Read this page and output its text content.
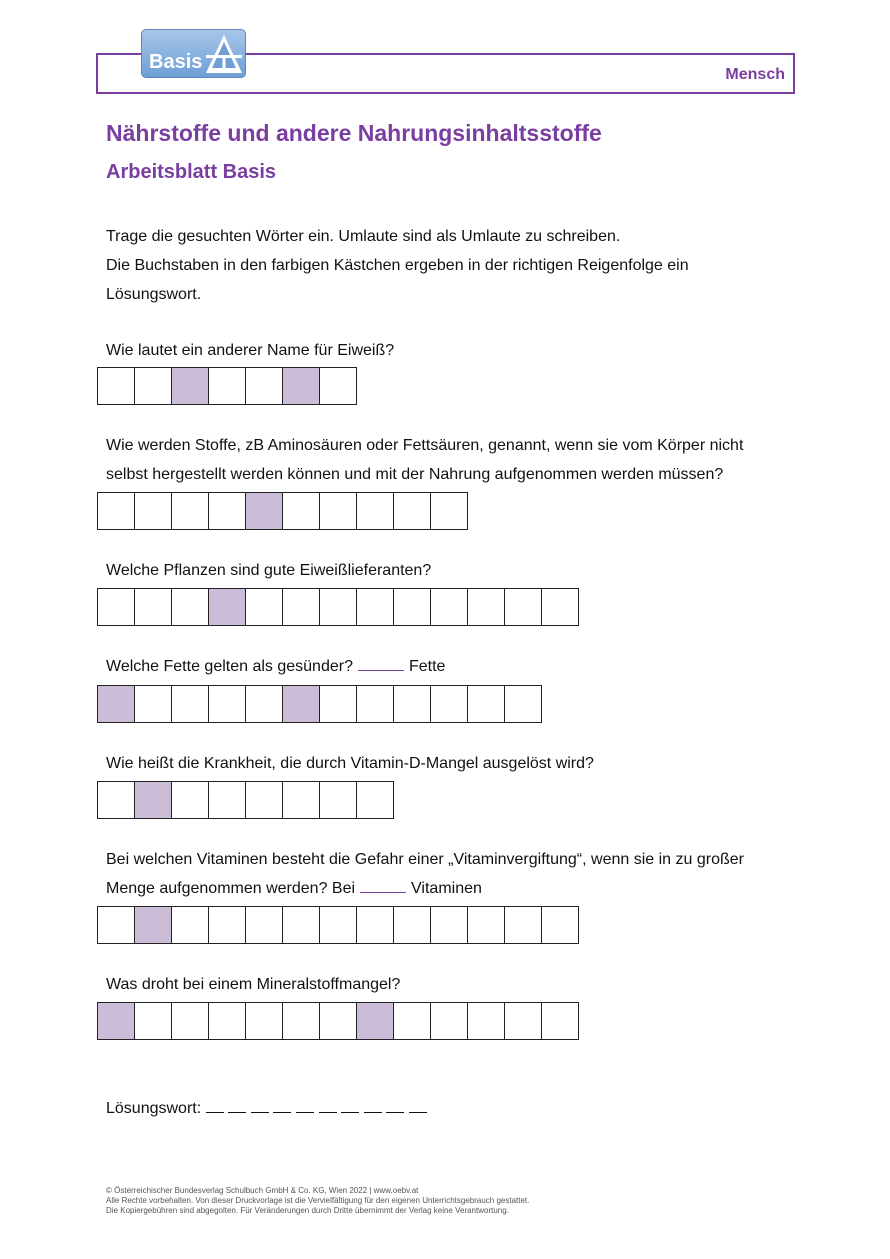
Mensch
Basis
Nährstoffe und andere Nahrungsinhaltsstoffe
Arbeitsblatt Basis

Trage die gesuchten Wörter ein. Umlaute sind als Umlaute zu schreiben.

Die Buchstaben in den farbigen Kästchen ergeben in der richtigen Reigenfolge ein

Lösungswort.

Wie lautet ein anderer Name für Eiweiß?

Wie werden Stoffe, zB Aminosäuren oder Fettsäuren, genannt, wenn sie vom Körper nicht

selbst hergestellt werden können und mit der Nahrung aufgenommen werden müssen?

Welche Pflanzen sind gute Eiweißlieferanten?

Welche Fette gelten als gesünder?	Fette

Wie heißt die Krankheit, die durch Vitamin-D-Mangel ausgelöst wird?

Bei welchen Vitaminen besteht die Gefahr einer „Vitaminvergiftung“, wenn sie in zu großer

Menge aufgenommen werden? Bei	Vitaminen

Was droht bei einem Mineralstoffmangel?

Lösungswort:

© Österreichischer Bundesverlag Schulbuch GmbH & Co. KG, Wien 2022 | www.oebv.at

Alle Rechte vorbehalten. Von dieser Druckvorlage ist die Vervielfältigung für den eigenen Unterrichtsgebrauch gestattet.

Die Kopiergebühren sind abgegolten. Für Veränderungen durch Dritte übernimmt der Verlag keine Verantwortung.
